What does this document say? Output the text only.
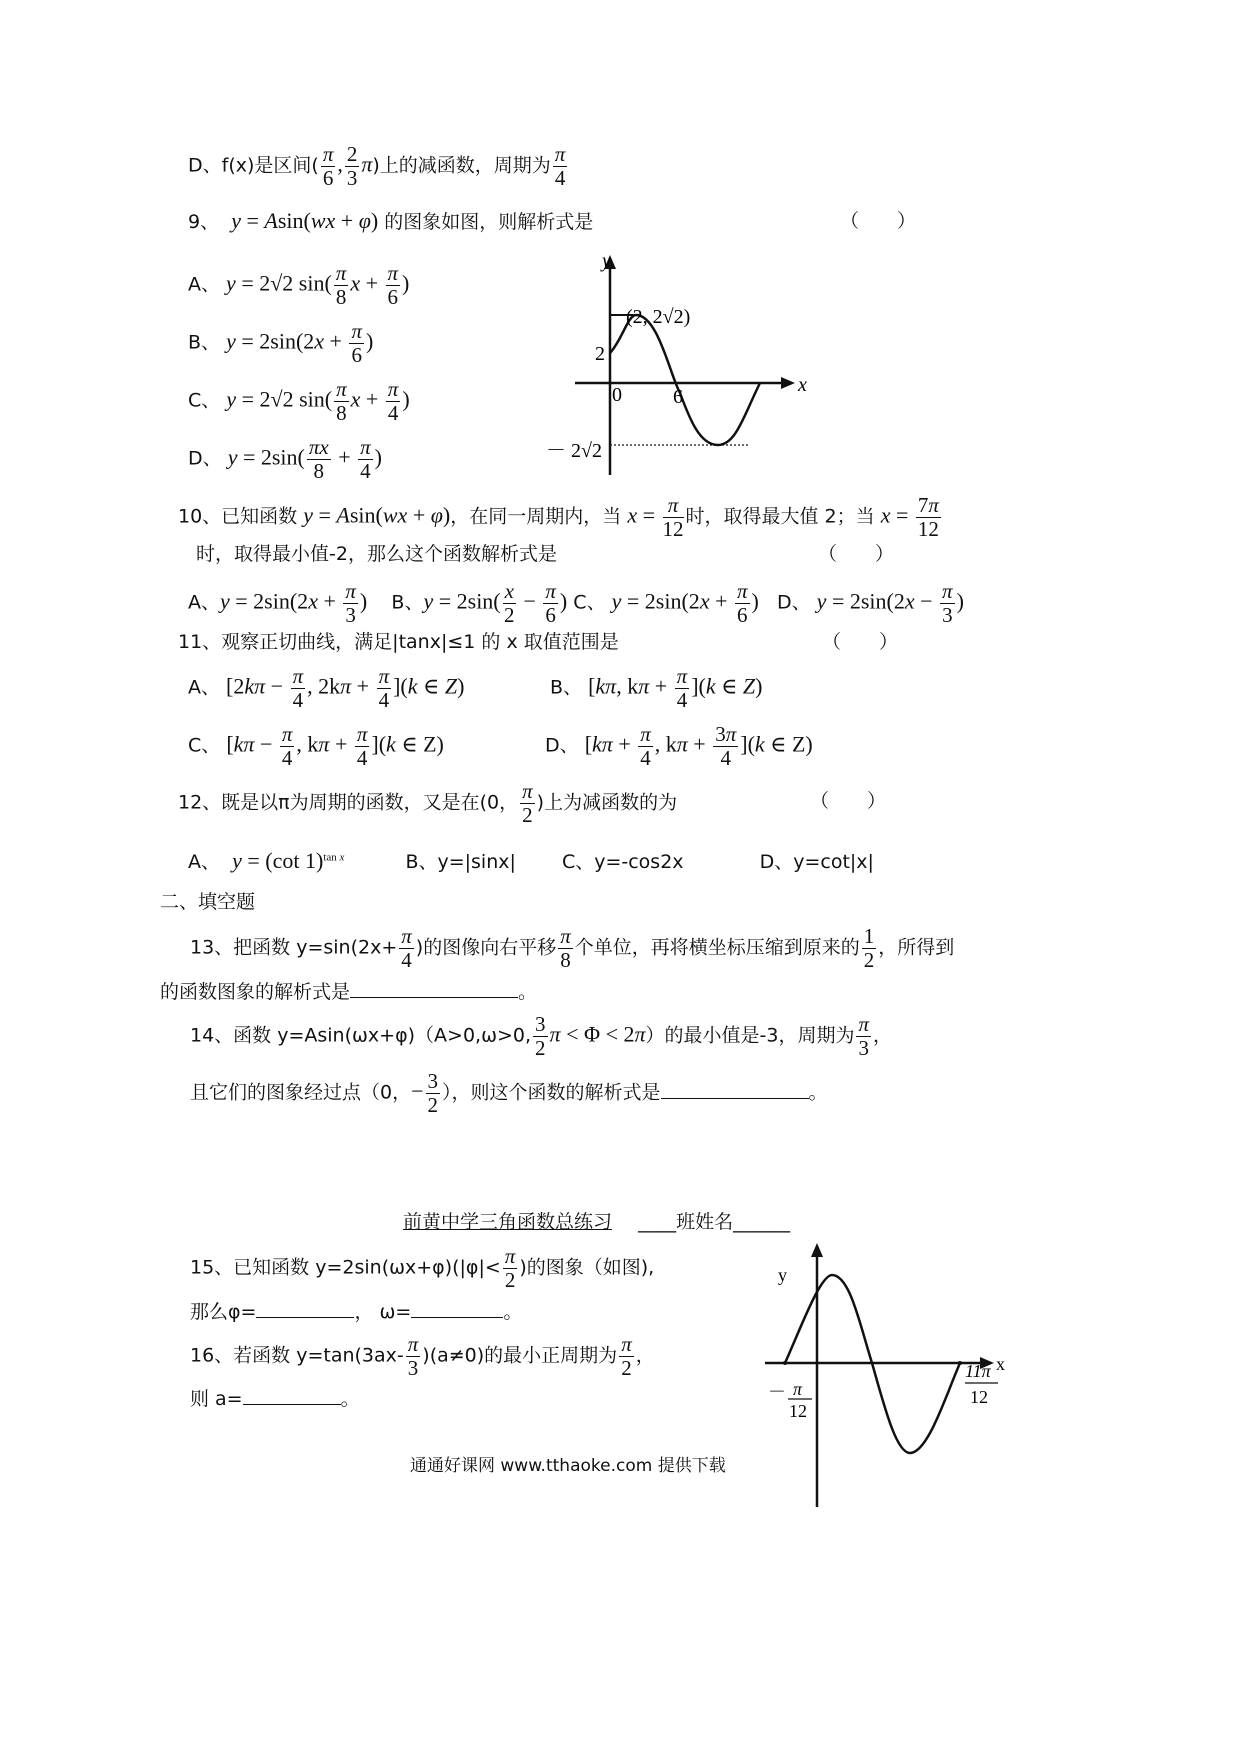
D、f(x)是区间( $\frac{\pi}{6}$ , $\frac{2}{3} \pi$)上的减函数，周期为 $\frac{\pi}{4}$
9、 y = Asin(wx + φ) 的图象如图，则解析式是	（　　）
A、 y = 2√2 $\sin( \frac{\pi}{8}$ $x + \frac{\pi}{6}$ )
B、 $y = 2\sin(2x + \frac{\pi}{6}$ )
C、 y = 2√2 $\sin( \frac{\pi}{8}$ $x + \frac{\pi}{4}$ )
D、 $y = 2\sin( \frac{\pi x}{8} + \frac{\pi}{4}$ )
y
x
(2, 2√2)
2
0	6
－ 2√2
10、已知函数 y = Asin(wx + φ)，在同一周期内，当 $x = \frac{\pi}{12}$ 时，取得最大值 2；当 $x = \frac{7\pi}{12}$
时，取得最小值-2，那么这个函数解析式是	（　　）
A、$y = 2\sin(2x + \frac{\pi}{3}$ ) B、$y = 2\sin( \frac{x}{2} - \frac{\pi}{6}$ ) C、 $y = 2\sin(2x + \frac{\pi}{6}$ ) D、 $y = 2\sin(2x - \frac{\pi}{3}$ )
11、观察正切曲线，满足|tanx|≤1 的 x 取值范围是	（　　）
A、 [$2k\pi - \frac{\pi}{4}$ , $2k\pi + \frac{\pi}{4} ](k$ ∈ Z)	B、 [kπ, $k\pi + \frac{\pi}{4} ](k$ ∈ Z)
C、 [$k\pi - \frac{\pi}{4}$ , $k\pi + \frac{\pi}{4} ](k$ ∈ Z)	D、 [$k\pi + \frac{\pi}{4}$ , $k\pi + \frac{3\pi}{4} ](k$ ∈ Z)
12、既是以π为周期的函数，又是在(0， $\frac{\pi}{2}$ )上为减函数的为	（　　）
A、 y = (cot 1)$^{tan x}$	B、y=|sinx| C、y=-cos2x	D、y=cot|x|
二、填空题
13、把函数 $y=\sin(2x+ \frac{\pi}{4}$ )的图像向右平移 $\frac{\pi}{8}$ 个单位，再将横坐标压缩到原来的 $\frac{1}{2}$ ，所得到
的函数图象的解析式是	。
14、函数 y=Asin(ωx+φ)（A>0,ω>0, $\frac{3}{2}$ π < Φ < 2π）的最小值是-3，周期为 $\frac{\pi}{3}$ ，
且它们的图象经过点（0，− $\frac{3}{2}$ ），则这个函数的解析式是	。
前黄中学三角函数总练习 ____班姓名______
15、已知函数 $y=2\sin(\omega x+\varphi)(|\varphi|< \frac{\pi}{2}$ )的图象（如图),
那么φ=	， ω=	。
16、若函数 $y=\tan(3ax- \frac{\pi}{3} )(a\ne 0)$的最小正周期为 $\frac{\pi}{2}$ ，
则 a=	。
y
x
－ π
12
11π
12
通通好课网 www.tthaoke.com 提供下载
